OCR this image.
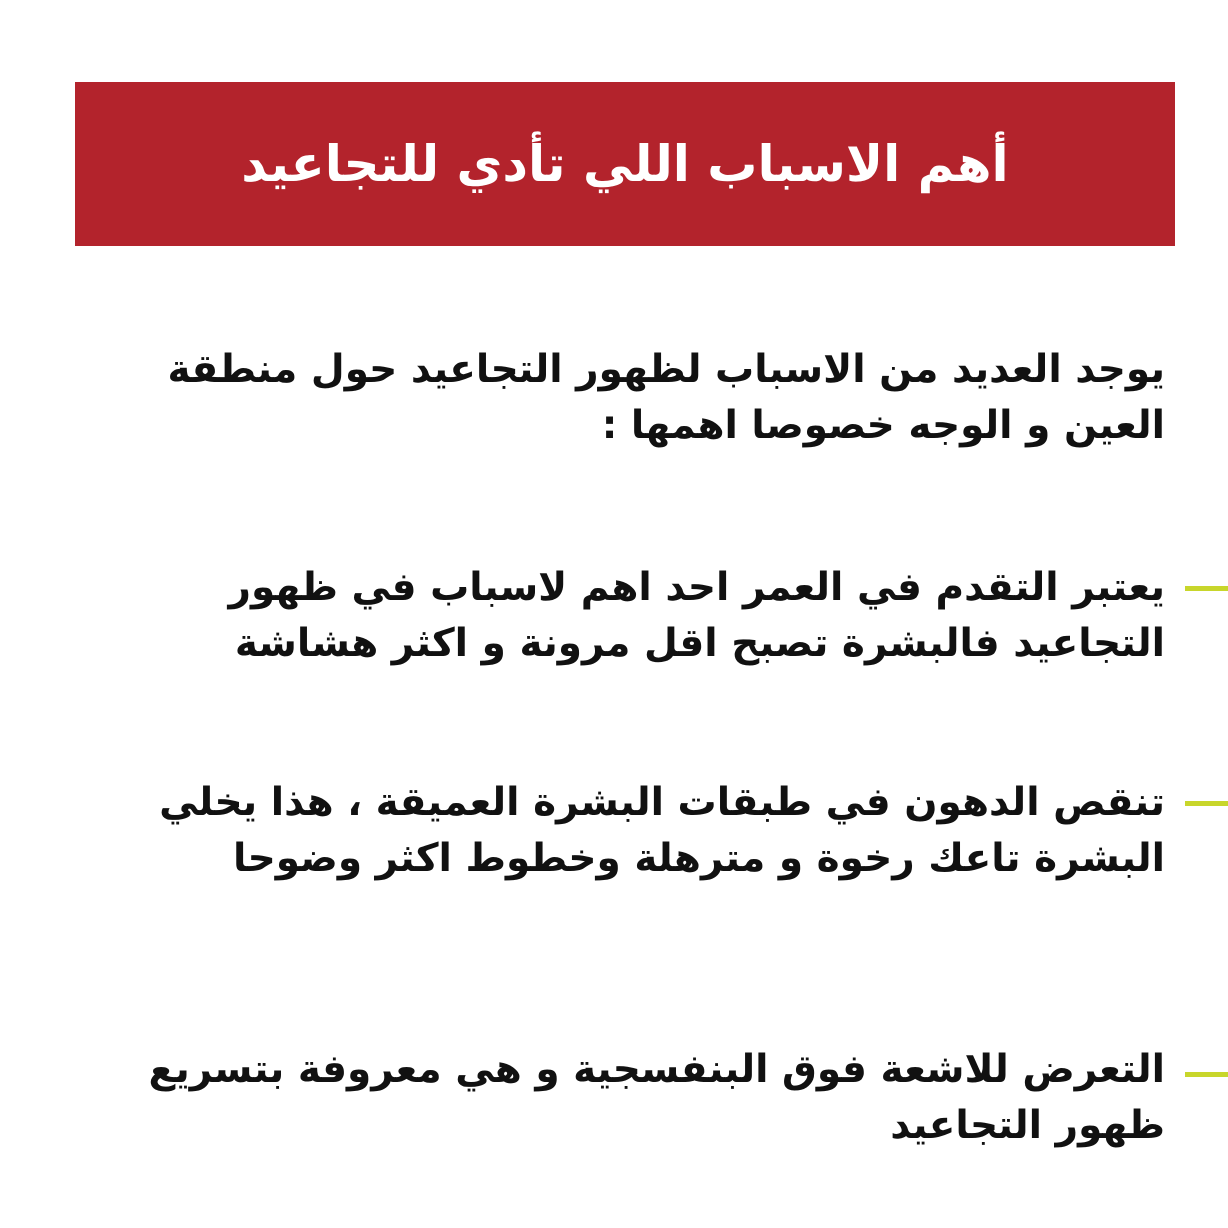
أهم الاسباب اللي تأدي للتجاعيد

يوجد العديد من الاسباب لظهور التجاعيد حول منطقة العين و الوجه خصوصا اهمها :

يعتبر التقدم في العمر احد اهم لاسباب في ظهور التجاعيد فالبشرة تصبح اقل مرونة و اكثر هشاشة

تنقص الدهون في طبقات البشرة العميقة ، هذا يخلي البشرة تاعك رخوة و مترهلة وخطوط اكثر وضوحا

التعرض للاشعة فوق البنفسجية و هي معروفة بتسريع ظهور التجاعيد
